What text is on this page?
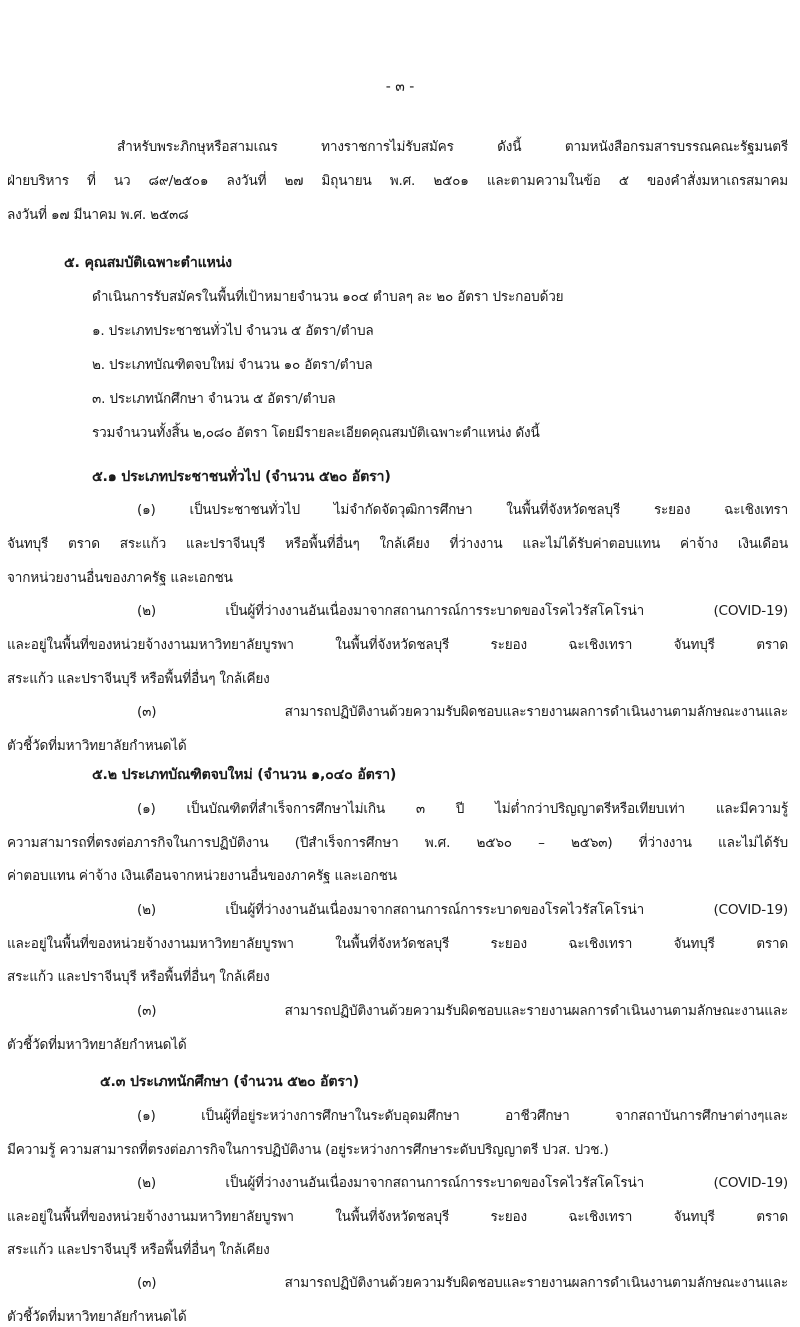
- ๓ -
สำหรับพระภิกษุหรือสามเณร ทางราชการไม่รับสมัคร ดังนี้ ตามหนังสือกรมสารบรรณคณะรัฐมนตรี
ฝ่ายบริหาร ที่ นว ๘๙/๒๕๐๑ ลงวันที่ ๒๗ มิถุนายน พ.ศ. ๒๕๐๑ และตามความในข้อ ๕ ของคำสั่งมหาเถรสมาคม
ลงวันที่ ๑๗ มีนาคม พ.ศ. ๒๕๓๘
๕. คุณสมบัติเฉพาะตำแหน่ง
ดำเนินการรับสมัครในพื้นที่เป้าหมายจำนวน ๑๐๔ ตำบลๆ ละ ๒๐ อัตรา ประกอบด้วย
๑. ประเภทประชาชนทั่วไป จำนวน ๕ อัตรา/ตำบล
๒. ประเภทบัณฑิตจบใหม่ จำนวน ๑๐ อัตรา/ตำบล
๓. ประเภทนักศึกษา จำนวน ๕ อัตรา/ตำบล
รวมจำนวนทั้งสิ้น ๒,๐๘๐ อัตรา โดยมีรายละเอียดคุณสมบัติเฉพาะตำแหน่ง ดังนี้
๕.๑ ประเภทประชาชนทั่วไป (จำนวน ๕๒๐ อัตรา)
(๑) เป็นประชาชนทั่วไป ไม่จำกัดจัดวุฒิการศึกษา ในพื้นที่จังหวัดชลบุรี ระยอง ฉะเชิงเทรา
จันทบุรี ตราด สระแก้ว และปราจีนบุรี หรือพื้นที่อื่นๆ ใกล้เคียง ที่ว่างงาน และไม่ได้รับค่าตอบแทน ค่าจ้าง เงินเดือน
จากหน่วยงานอื่นของภาครัฐ และเอกชน
(๒) เป็นผู้ที่ว่างงานอันเนื่องมาจากสถานการณ์การระบาดของโรคไวรัสโคโรน่า (COVID-19)
และอยู่ในพื้นที่ของหน่วยจ้างงานมหาวิทยาลัยบูรพา ในพื้นที่จังหวัดชลบุรี ระยอง ฉะเชิงเทรา จันทบุรี ตราด
สระแก้ว และปราจีนบุรี หรือพื้นที่อื่นๆ ใกล้เคียง
(๓) สามารถปฏิบัติงานด้วยความรับผิดชอบและรายงานผลการดำเนินงานตามลักษณะงานและ
ตัวชี้วัดที่มหาวิทยาลัยกำหนดได้
๕.๒ ประเภทบัณฑิตจบใหม่ (จำนวน ๑,๐๔๐ อัตรา)
(๑) เป็นบัณฑิตที่สำเร็จการศึกษาไม่เกิน ๓ ปี ไม่ต่ำกว่าปริญญาตรีหรือเทียบเท่า และมีความรู้
ความสามารถที่ตรงต่อภารกิจในการปฏิบัติงาน (ปีสำเร็จการศึกษา พ.ศ. ๒๕๖๐ – ๒๕๖๓) ที่ว่างงาน และไม่ได้รับ
ค่าตอบแทน ค่าจ้าง เงินเดือนจากหน่วยงานอื่นของภาครัฐ และเอกชน
(๒) เป็นผู้ที่ว่างงานอันเนื่องมาจากสถานการณ์การระบาดของโรคไวรัสโคโรน่า (COVID-19)
และอยู่ในพื้นที่ของหน่วยจ้างงานมหาวิทยาลัยบูรพา ในพื้นที่จังหวัดชลบุรี ระยอง ฉะเชิงเทรา จันทบุรี ตราด
สระแก้ว และปราจีนบุรี หรือพื้นที่อื่นๆ ใกล้เคียง
(๓) สามารถปฏิบัติงานด้วยความรับผิดชอบและรายงานผลการดำเนินงานตามลักษณะงานและ
ตัวชี้วัดที่มหาวิทยาลัยกำหนดได้
๕.๓ ประเภทนักศึกษา (จำนวน ๕๒๐ อัตรา)
(๑) เป็นผู้ที่อยู่ระหว่างการศึกษาในระดับอุดมศึกษา อาชีวศึกษา จากสถาบันการศึกษาต่างๆและ
มีความรู้ ความสามารถที่ตรงต่อภารกิจในการปฏิบัติงาน (อยู่ระหว่างการศึกษาระดับปริญญาตรี ปวส. ปวช.)
(๒) เป็นผู้ที่ว่างงานอันเนื่องมาจากสถานการณ์การระบาดของโรคไวรัสโคโรน่า (COVID-19)
และอยู่ในพื้นที่ของหน่วยจ้างงานมหาวิทยาลัยบูรพา ในพื้นที่จังหวัดชลบุรี ระยอง ฉะเชิงเทรา จันทบุรี ตราด
สระแก้ว และปราจีนบุรี หรือพื้นที่อื่นๆ ใกล้เคียง
(๓) สามารถปฏิบัติงานด้วยความรับผิดชอบและรายงานผลการดำเนินงานตามลักษณะงานและ
ตัวชี้วัดที่มหาวิทยาลัยกำหนดได้
